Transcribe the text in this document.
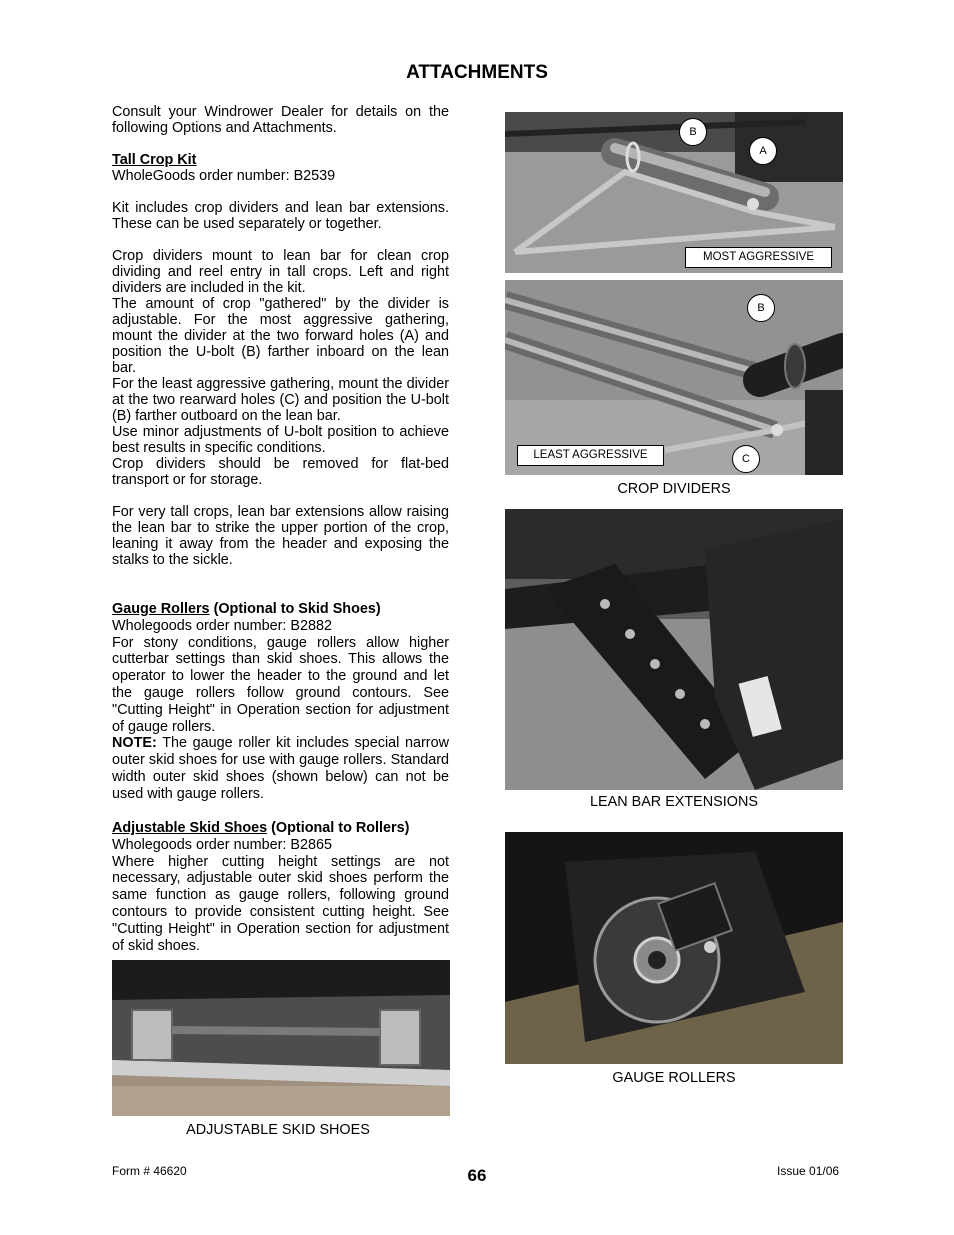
ATTACHMENTS

Consult your Windrower Dealer for details on the following Options and Attachments.

Tall Crop Kit

WholeGoods order number: B2539

Kit includes crop dividers and lean bar extensions. These can be used separately or together.

Crop dividers mount to lean bar for clean crop dividing and reel entry in tall crops. Left and right dividers are included in the kit.

The amount of crop "gathered" by the divider is adjustable. For the most aggressive gathering, mount the divider at the two forward holes (A) and position the U-bolt (B) farther inboard on the lean bar.

For the least aggressive gathering, mount the divider at the two rearward holes (C) and position the U-bolt (B) farther outboard on the lean bar.

Use minor adjustments of U-bolt position to achieve best results in specific conditions.

Crop dividers should be removed for flat-bed transport or for storage.

For very tall crops, lean bar extensions allow raising the lean bar to strike the upper portion of the crop, leaning it away from the header and exposing the stalks to the sickle.

Gauge Rollers (Optional to Skid Shoes)

Wholegoods order number: B2882

For stony conditions, gauge rollers allow higher cutterbar settings than skid shoes. This allows the operator to lower the header to the ground and let the gauge rollers follow ground contours. See "Cutting Height" in Operation section for adjustment of gauge rollers.

NOTE: The gauge roller kit includes special narrow outer skid shoes for use with gauge rollers. Standard width outer skid shoes (shown below) can not be used with gauge rollers.

Adjustable Skid Shoes (Optional to Rollers)

Wholegoods order number: B2865

Where higher cutting height settings are not necessary, adjustable outer skid shoes perform the same function as gauge rollers, following ground contours to provide consistent cutting height. See "Cutting Height" in Operation section for adjustment of skid shoes.

B
A
MOST AGGRESSIVE
B
LEAST AGGRESSIVE	C
CROP DIVIDERS
LEAN BAR EXTENSIONS
GAUGE ROLLERS
ADJUSTABLE SKID SHOES
Form # 46620	66	Issue 01/06
